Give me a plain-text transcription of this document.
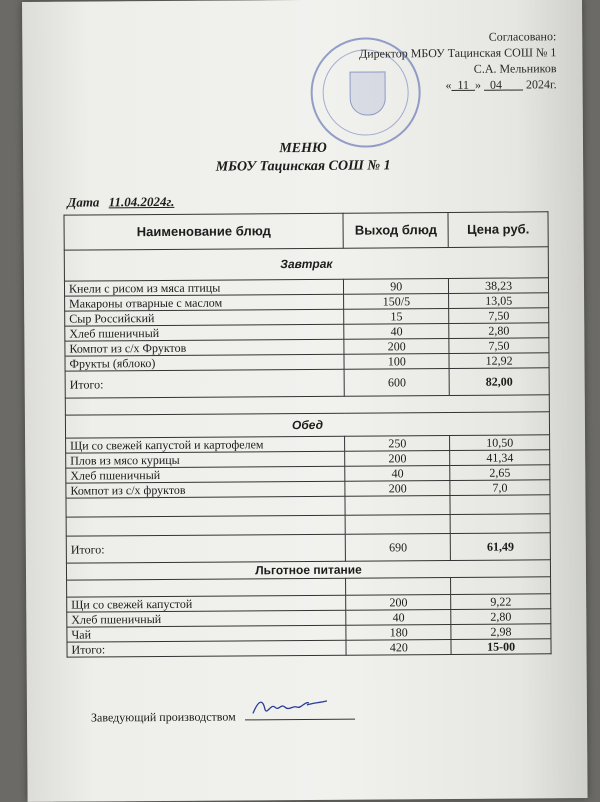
Согласовано:
Директор МБОУ Тацинская СОШ № 1
С.А. Мельников
« 11 » 04 2024г.
МЕНЮ
МБОУ Тацинская СОШ № 1
Дата 11.04.2024г.
Наименование блюд	Выход блюд	Цена руб.
Завтрак		
Кнели с рисом из мяса птицы	90	38,23
Макароны отварные с маслом	150/5	13,05
Сыр Российский	15	7,50
Хлеб пшеничный	40	2,80
Компот из с/х Фруктов	200	7,50
Фрукты (яблоко)	100	12,92
Итого:	600	82,00

Обед		
Щи со свежей капустой и картофелем	250	10,50
Плов из мясо курицы	200	41,34
Хлеб пшеничный	40	2,65
Компот из с/х фруктов	200	7,0

Итого:	690	61,49
Льготное питание		

Щи со свежей капустой	200	9,22
Хлеб пшеничный	40	2,80
Чай	180	2,98
Итого:	420	15-00
Заведующий производством
